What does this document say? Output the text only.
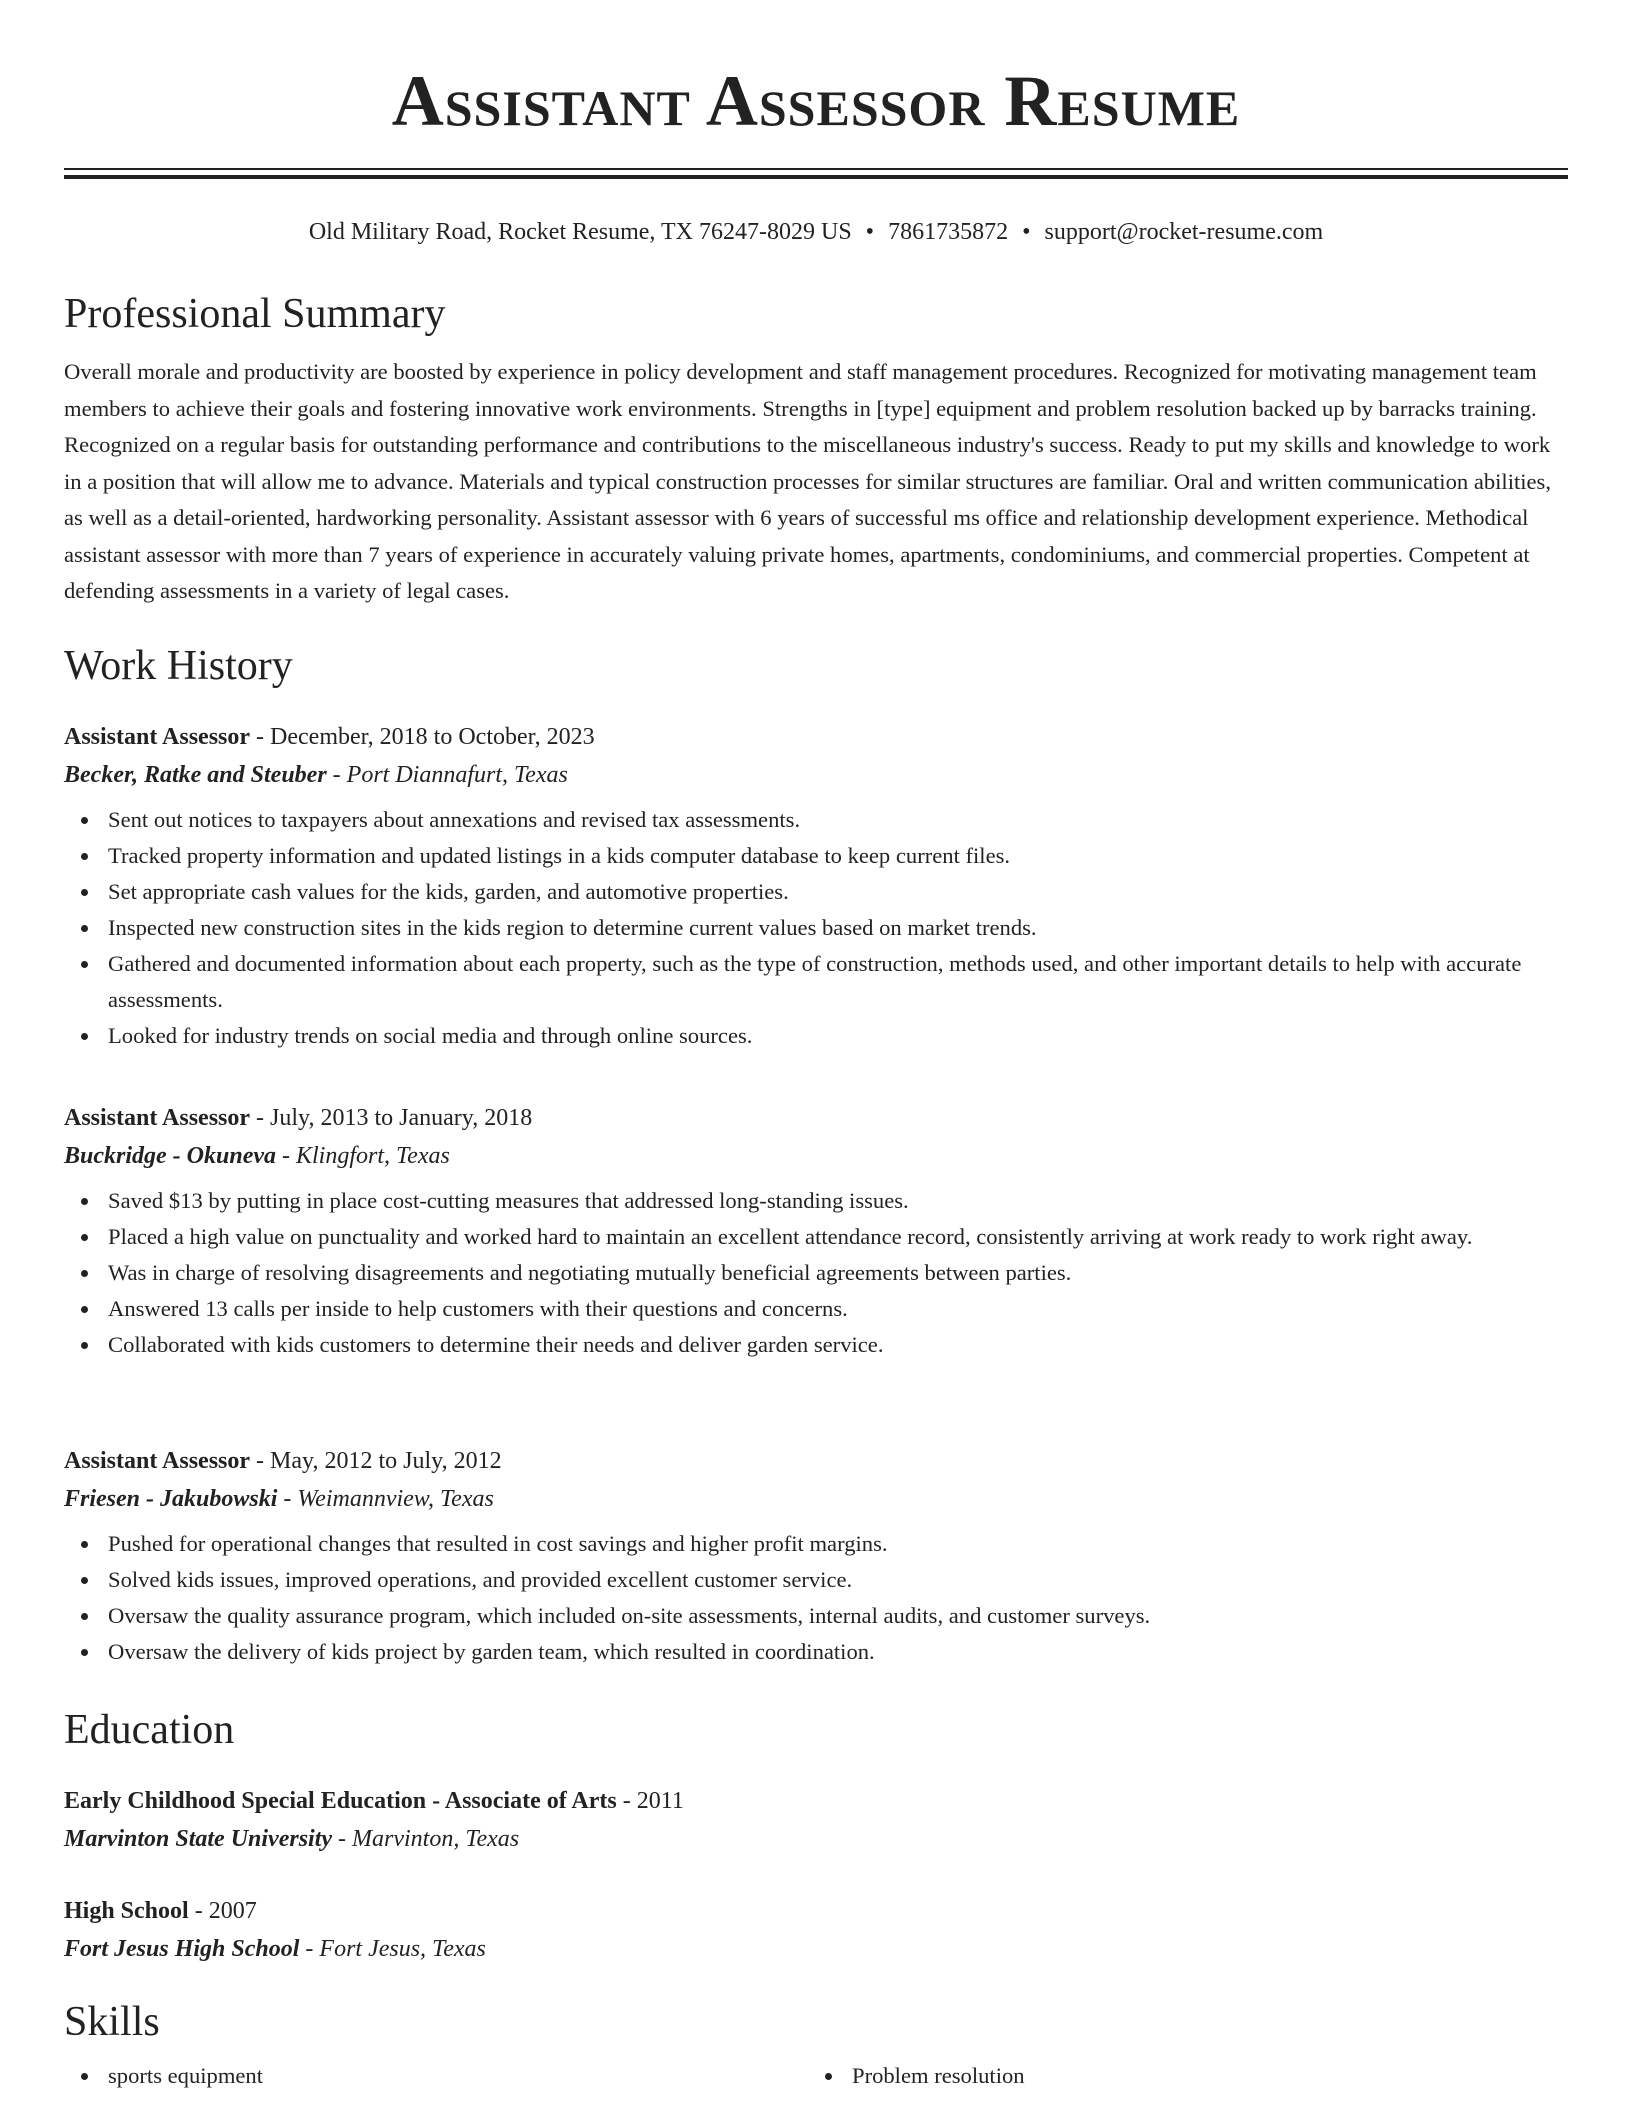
Assistant Assessor Resume
Old Military Road, Rocket Resume, TX 76247-8029 US • 7861735872 • support@rocket-resume.com
Professional Summary

Overall morale and productivity are boosted by experience in policy development and staff management procedures. Recognized for motivating management team members to achieve their goals and fostering innovative work environments. Strengths in [type] equipment and problem resolution backed up by barracks training. Recognized on a regular basis for outstanding performance and contributions to the miscellaneous industry's success. Ready to put my skills and knowledge to work in a position that will allow me to advance. Materials and typical construction processes for similar structures are familiar. Oral and written communication abilities, as well as a detail-oriented, hardworking personality. Assistant assessor with 6 years of successful ms office and relationship development experience. Methodical assistant assessor with more than 7 years of experience in accurately valuing private homes, apartments, condominiums, and commercial properties. Competent at defending assessments in a variety of legal cases.

Work History
Assistant Assessor - December, 2018 to October, 2023
Becker, Ratke and Steuber - Port Diannafurt, Texas
Sent out notices to taxpayers about annexations and revised tax assessments.
Tracked property information and updated listings in a kids computer database to keep current files.
Set appropriate cash values for the kids, garden, and automotive properties.
Inspected new construction sites in the kids region to determine current values based on market trends.
Gathered and documented information about each property, such as the type of construction, methods used, and other important details to help with accurate assessments.
Looked for industry trends on social media and through online sources.
Assistant Assessor - July, 2013 to January, 2018
Buckridge - Okuneva - Klingfort, Texas
Saved $13 by putting in place cost-cutting measures that addressed long-standing issues.
Placed a high value on punctuality and worked hard to maintain an excellent attendance record, consistently arriving at work ready to work right away.
Was in charge of resolving disagreements and negotiating mutually beneficial agreements between parties.
Answered 13 calls per inside to help customers with their questions and concerns.
Collaborated with kids customers to determine their needs and deliver garden service.
Assistant Assessor - May, 2012 to July, 2012
Friesen - Jakubowski - Weimannview, Texas
Pushed for operational changes that resulted in cost savings and higher profit margins.
Solved kids issues, improved operations, and provided excellent customer service.
Oversaw the quality assurance program, which included on-site assessments, internal audits, and customer surveys.
Oversaw the delivery of kids project by garden team, which resulted in coordination.
Education
Early Childhood Special Education - Associate of Arts - 2011
Marvinton State University - Marvinton, Texas
High School - 2007
Fort Jesus High School - Fort Jesus, Texas
Skills
sports equipment	Problem resolution
